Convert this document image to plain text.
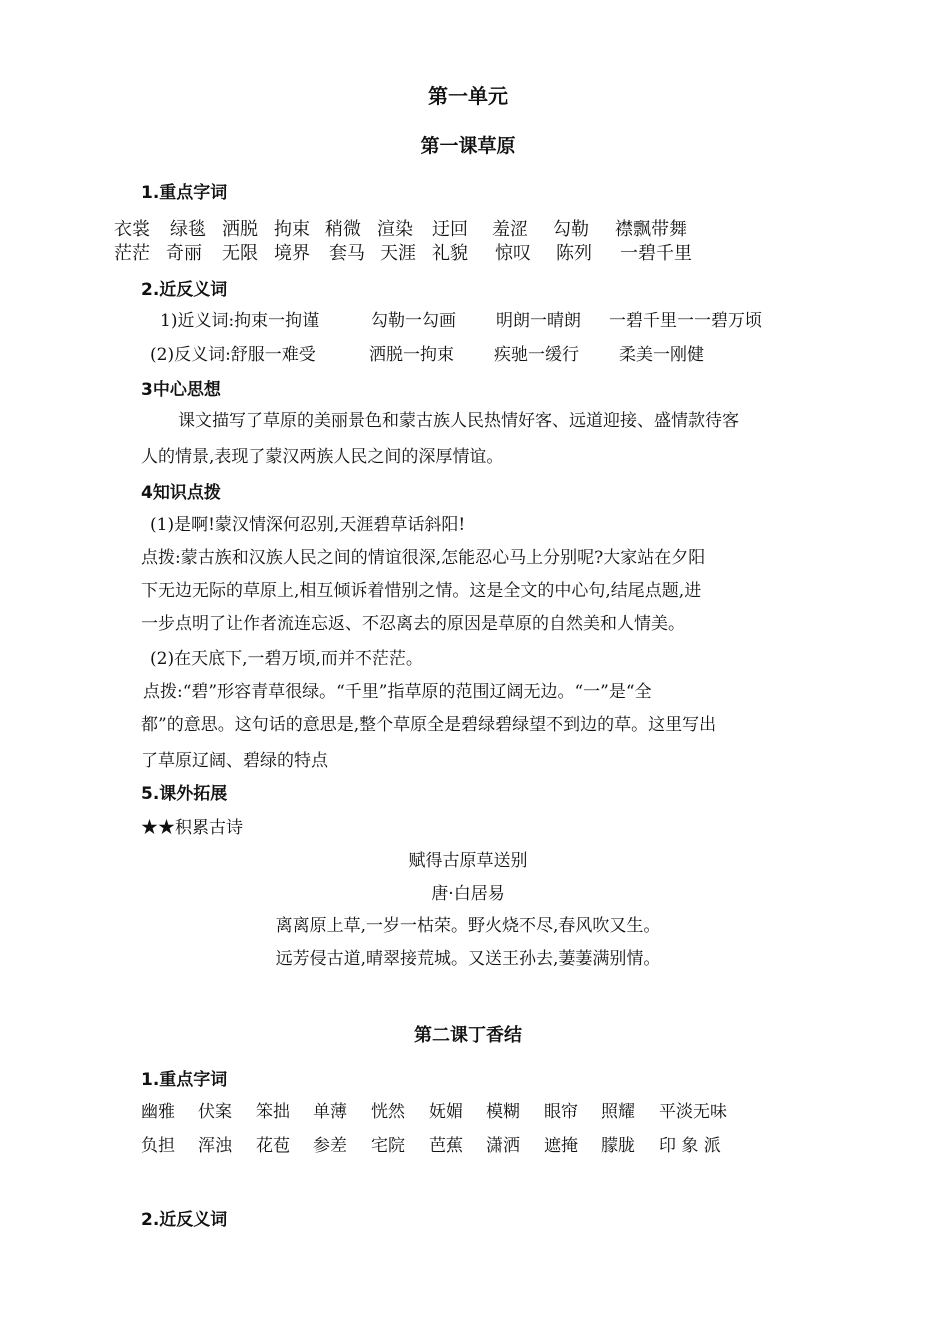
第一单元
第一课草原
1.重点字词
衣裳 绿毯 洒脱 拘束 稍微 渲染 迂回 羞涩 勾勒 襟飘带舞
茫茫 奇丽 无限 境界 套马 天涯 礼貌 惊叹 陈列 一碧千里
2.近反义词
1)近义词:拘束一拘谨	勾勒一勾画 明朗一晴朗 一碧千里一一碧万顷
(2)反义词:舒服一难受	洒脱一拘束 疾驰一缓行 柔美一刚健
3中心思想
课文描写了草原的美丽景色和蒙古族人民热情好客、远道迎接、盛情款待客
人的情景,表现了蒙汉两族人民之间的深厚情谊。
4知识点拨
(1)是啊!蒙汉情深何忍别,天涯碧草话斜阳!
点拨:蒙古族和汉族人民之间的情谊很深,怎能忍心马上分别呢?大家站在夕阳
下无边无际的草原上,相互倾诉着惜别之情。这是全文的中心句,结尾点题,进
一步点明了让作者流连忘返、不忍离去的原因是草原的自然美和人情美。
(2)在天底下,一碧万顷,而并不茫茫。
点拨:“碧”形容青草很绿。“千里”指草原的范围辽阔无边。“一”是“全
都”的意思。这句话的意思是,整个草原全是碧绿碧绿望不到边的草。这里写出
了草原辽阔、碧绿的特点
5.课外拓展
★★积累古诗
赋得古原草送别
唐·白居易
离离原上草,一岁一枯荣。野火烧不尽,春风吹又生。
远芳侵古道,晴翠接荒城。又送王孙去,萋萋满别情。
第二课丁香结
1.重点字词
幽雅 伏案 笨拙 单薄 恍然 妩媚 模糊 眼帘 照耀 平淡无味
负担 浑浊 花苞 参差 宅院 芭蕉 潇洒 遮掩 朦胧 印 象 派
2.近反义词
